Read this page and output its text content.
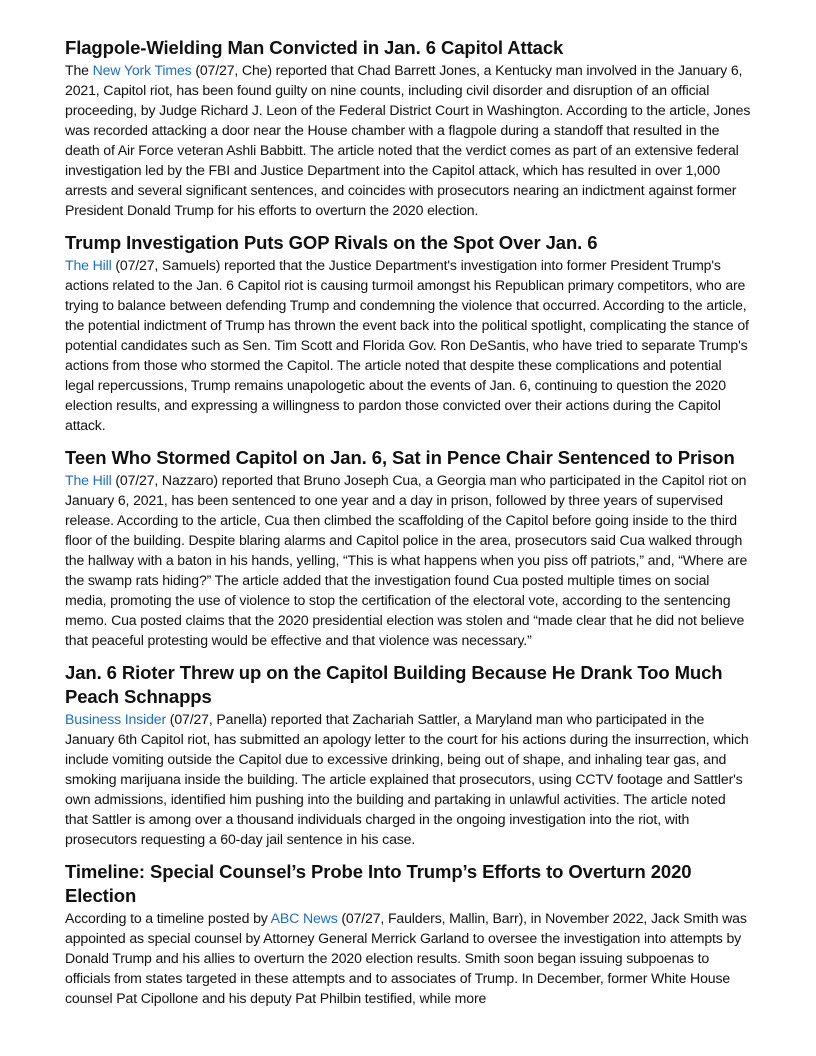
Flagpole-Wielding Man Convicted in Jan. 6 Capitol Attack

The New York Times (07/27, Che) reported that Chad Barrett Jones, a Kentucky man involved in the January 6, 2021, Capitol riot, has been found guilty on nine counts, including civil disorder and disruption of an official proceeding, by Judge Richard J. Leon of the Federal District Court in Washington. According to the article, Jones was recorded attacking a door near the House chamber with a flagpole during a standoff that resulted in the death of Air Force veteran Ashli Babbitt. The article noted that the verdict comes as part of an extensive federal investigation led by the FBI and Justice Department into the Capitol attack, which has resulted in over 1,000 arrests and several significant sentences, and coincides with prosecutors nearing an indictment against former President Donald Trump for his efforts to overturn the 2020 election.

Trump Investigation Puts GOP Rivals on the Spot Over Jan. 6

The Hill (07/27, Samuels) reported that the Justice Department's investigation into former President Trump's actions related to the Jan. 6 Capitol riot is causing turmoil amongst his Republican primary competitors, who are trying to balance between defending Trump and condemning the violence that occurred. According to the article, the potential indictment of Trump has thrown the event back into the political spotlight, complicating the stance of potential candidates such as Sen. Tim Scott and Florida Gov. Ron DeSantis, who have tried to separate Trump's actions from those who stormed the Capitol. The article noted that despite these complications and potential legal repercussions, Trump remains unapologetic about the events of Jan. 6, continuing to question the 2020 election results, and expressing a willingness to pardon those convicted over their actions during the Capitol attack.

Teen Who Stormed Capitol on Jan. 6, Sat in Pence Chair Sentenced to Prison

The Hill (07/27, Nazzaro) reported that Bruno Joseph Cua, a Georgia man who participated in the Capitol riot on January 6, 2021, has been sentenced to one year and a day in prison, followed by three years of supervised release. According to the article, Cua then climbed the scaffolding of the Capitol before going inside to the third floor of the building. Despite blaring alarms and Capitol police in the area, prosecutors said Cua walked through the hallway with a baton in his hands, yelling, “This is what happens when you piss off patriots,” and, “Where are the swamp rats hiding?” The article added that the investigation found Cua posted multiple times on social media, promoting the use of violence to stop the certification of the electoral vote, according to the sentencing memo. Cua posted claims that the 2020 presidential election was stolen and “made clear that he did not believe that peaceful protesting would be effective and that violence was necessary.”

Jan. 6 Rioter Threw up on the Capitol Building Because He Drank Too Much Peach Schnapps

Business Insider (07/27, Panella) reported that Zachariah Sattler, a Maryland man who participated in the January 6th Capitol riot, has submitted an apology letter to the court for his actions during the insurrection, which include vomiting outside the Capitol due to excessive drinking, being out of shape, and inhaling tear gas, and smoking marijuana inside the building. The article explained that prosecutors, using CCTV footage and Sattler's own admissions, identified him pushing into the building and partaking in unlawful activities. The article noted that Sattler is among over a thousand individuals charged in the ongoing investigation into the riot, with prosecutors requesting a 60-day jail sentence in his case.

Timeline: Special Counsel’s Probe Into Trump’s Efforts to Overturn 2020 Election

According to a timeline posted by ABC News (07/27, Faulders, Mallin, Barr), in November 2022, Jack Smith was appointed as special counsel by Attorney General Merrick Garland to oversee the investigation into attempts by Donald Trump and his allies to overturn the 2020 election results. Smith soon began issuing subpoenas to officials from states targeted in these attempts and to associates of Trump. In December, former White House counsel Pat Cipollone and his deputy Pat Philbin testified, while more
